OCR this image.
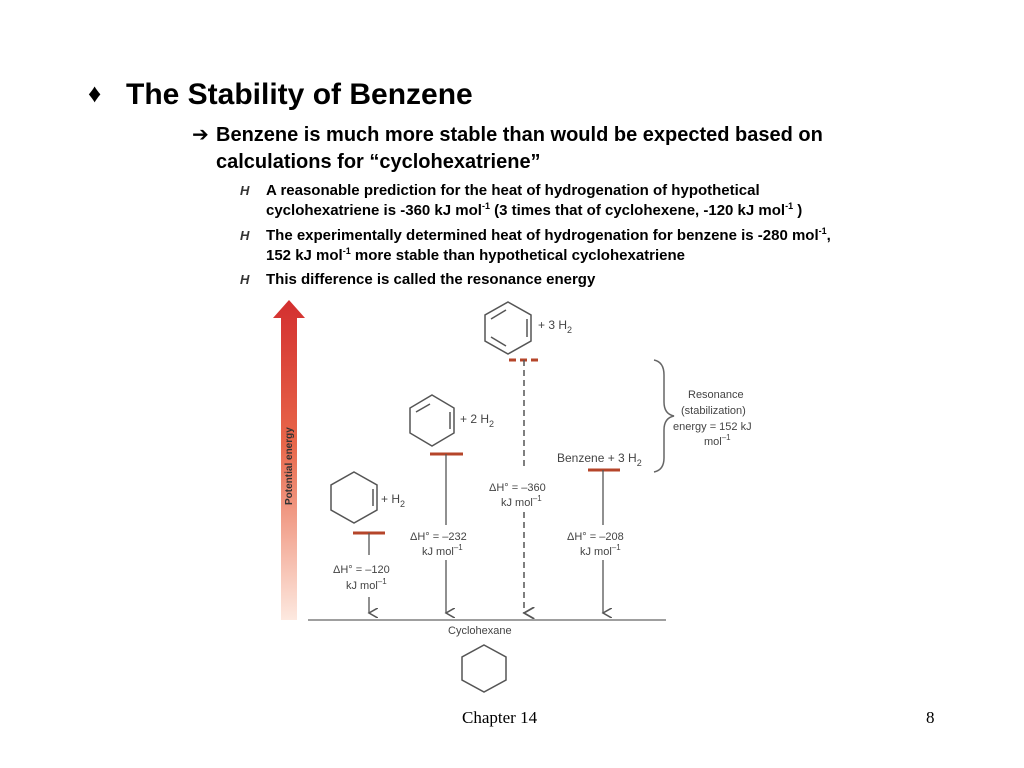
♦ The Stability of Benzene
➔ Benzene is much more stable than would be expected based on
calculations for “cyclohexatriene”
H A reasonable prediction for the heat of hydrogenation of hypothetical
cyclohexatriene is -360 kJ mol$^{-1}$ (3 times that of cyclohexene, -120 kJ mol$^{-1}$ )
H The experimentally determined heat of hydrogenation for benzene is -280 mol$^{-1}$,
152 kJ mol$^{-1}$ more stable than hypothetical cyclohexatriene
H This difference is called the resonance energy
Potential energy
Cyclohexane
+ $H_2$
ΔH° = –120
kJ mol$^{-1}$
+ 2 $H_2$
ΔH° = –232
kJ mol$^{-1}$
+ 3 $H_2$
ΔH° = –360
kJ mol$^{-1}$
Benzene + 3 $H_2$
ΔH° = –208
kJ mol$^{-1}$
Resonance
(stabilization)
energy = 152 kJ
mol$^{-1}$
Chapter 14	8
